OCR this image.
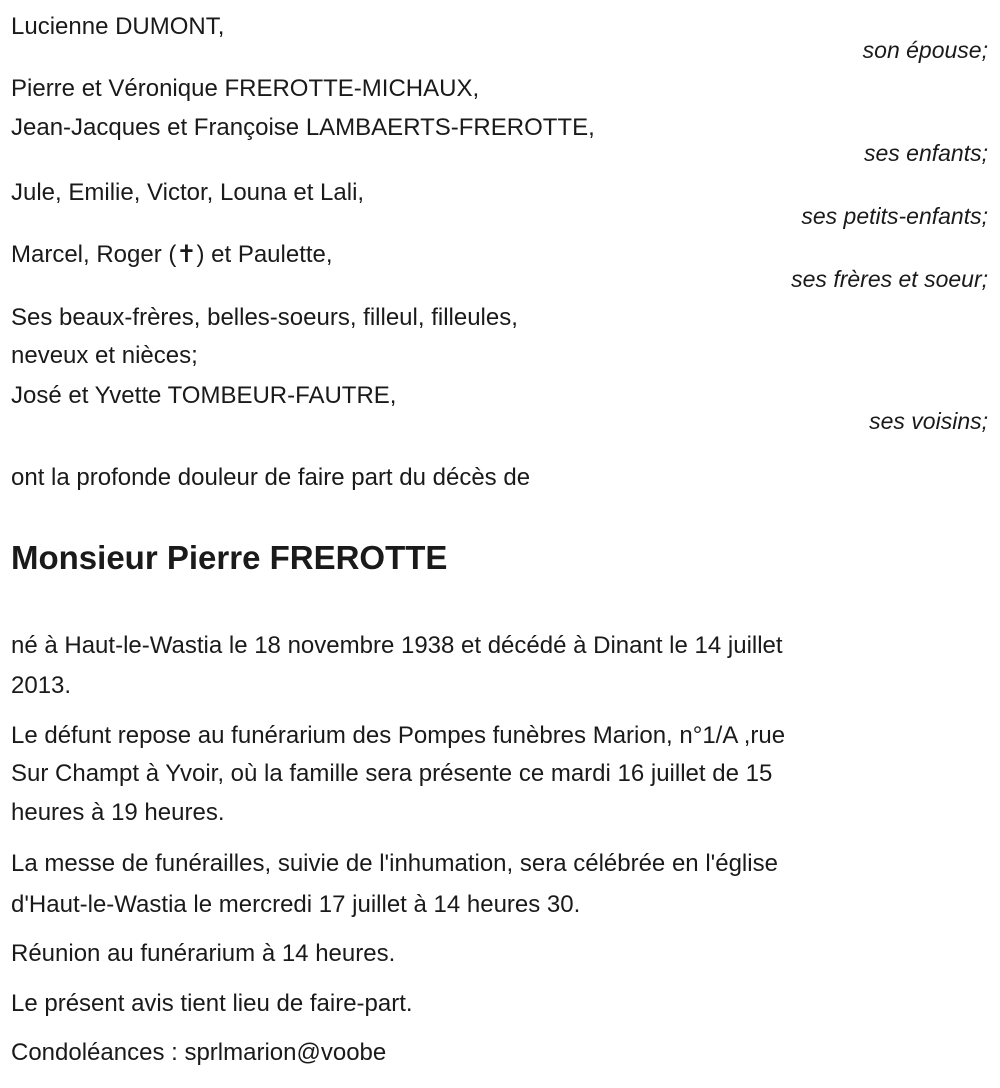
Lucienne DUMONT,
son épouse;
Pierre et Véronique FREROTTE-MICHAUX,
Jean-Jacques et Françoise LAMBAERTS-FREROTTE,
ses enfants;
Jule, Emilie, Victor, Louna et Lali,
ses petits-enfants;
Marcel, Roger (✝) et Paulette,
ses frères et soeur;
Ses beaux-frères, belles-soeurs, filleul, filleules,
neveux et nièces;
José et Yvette TOMBEUR-FAUTRE,
ses voisins;
ont la profonde douleur de faire part du décès de
Monsieur Pierre FREROTTE
né à Haut-le-Wastia le 18 novembre 1938 et décédé à Dinant le 14 juillet
2013.
Le défunt repose au funérarium des Pompes funèbres Marion, n°1/A ,rue
Sur Champt à Yvoir, où la famille sera présente ce mardi 16 juillet de 15
heures à 19 heures.
La messe de funérailles, suivie de l'inhumation, sera célébrée en l'église
d'Haut-le-Wastia le mercredi 17 juillet à 14 heures 30.
Réunion au funérarium à 14 heures.
Le présent avis tient lieu de faire-part.
Condoléances : sprlmarion@voobe
